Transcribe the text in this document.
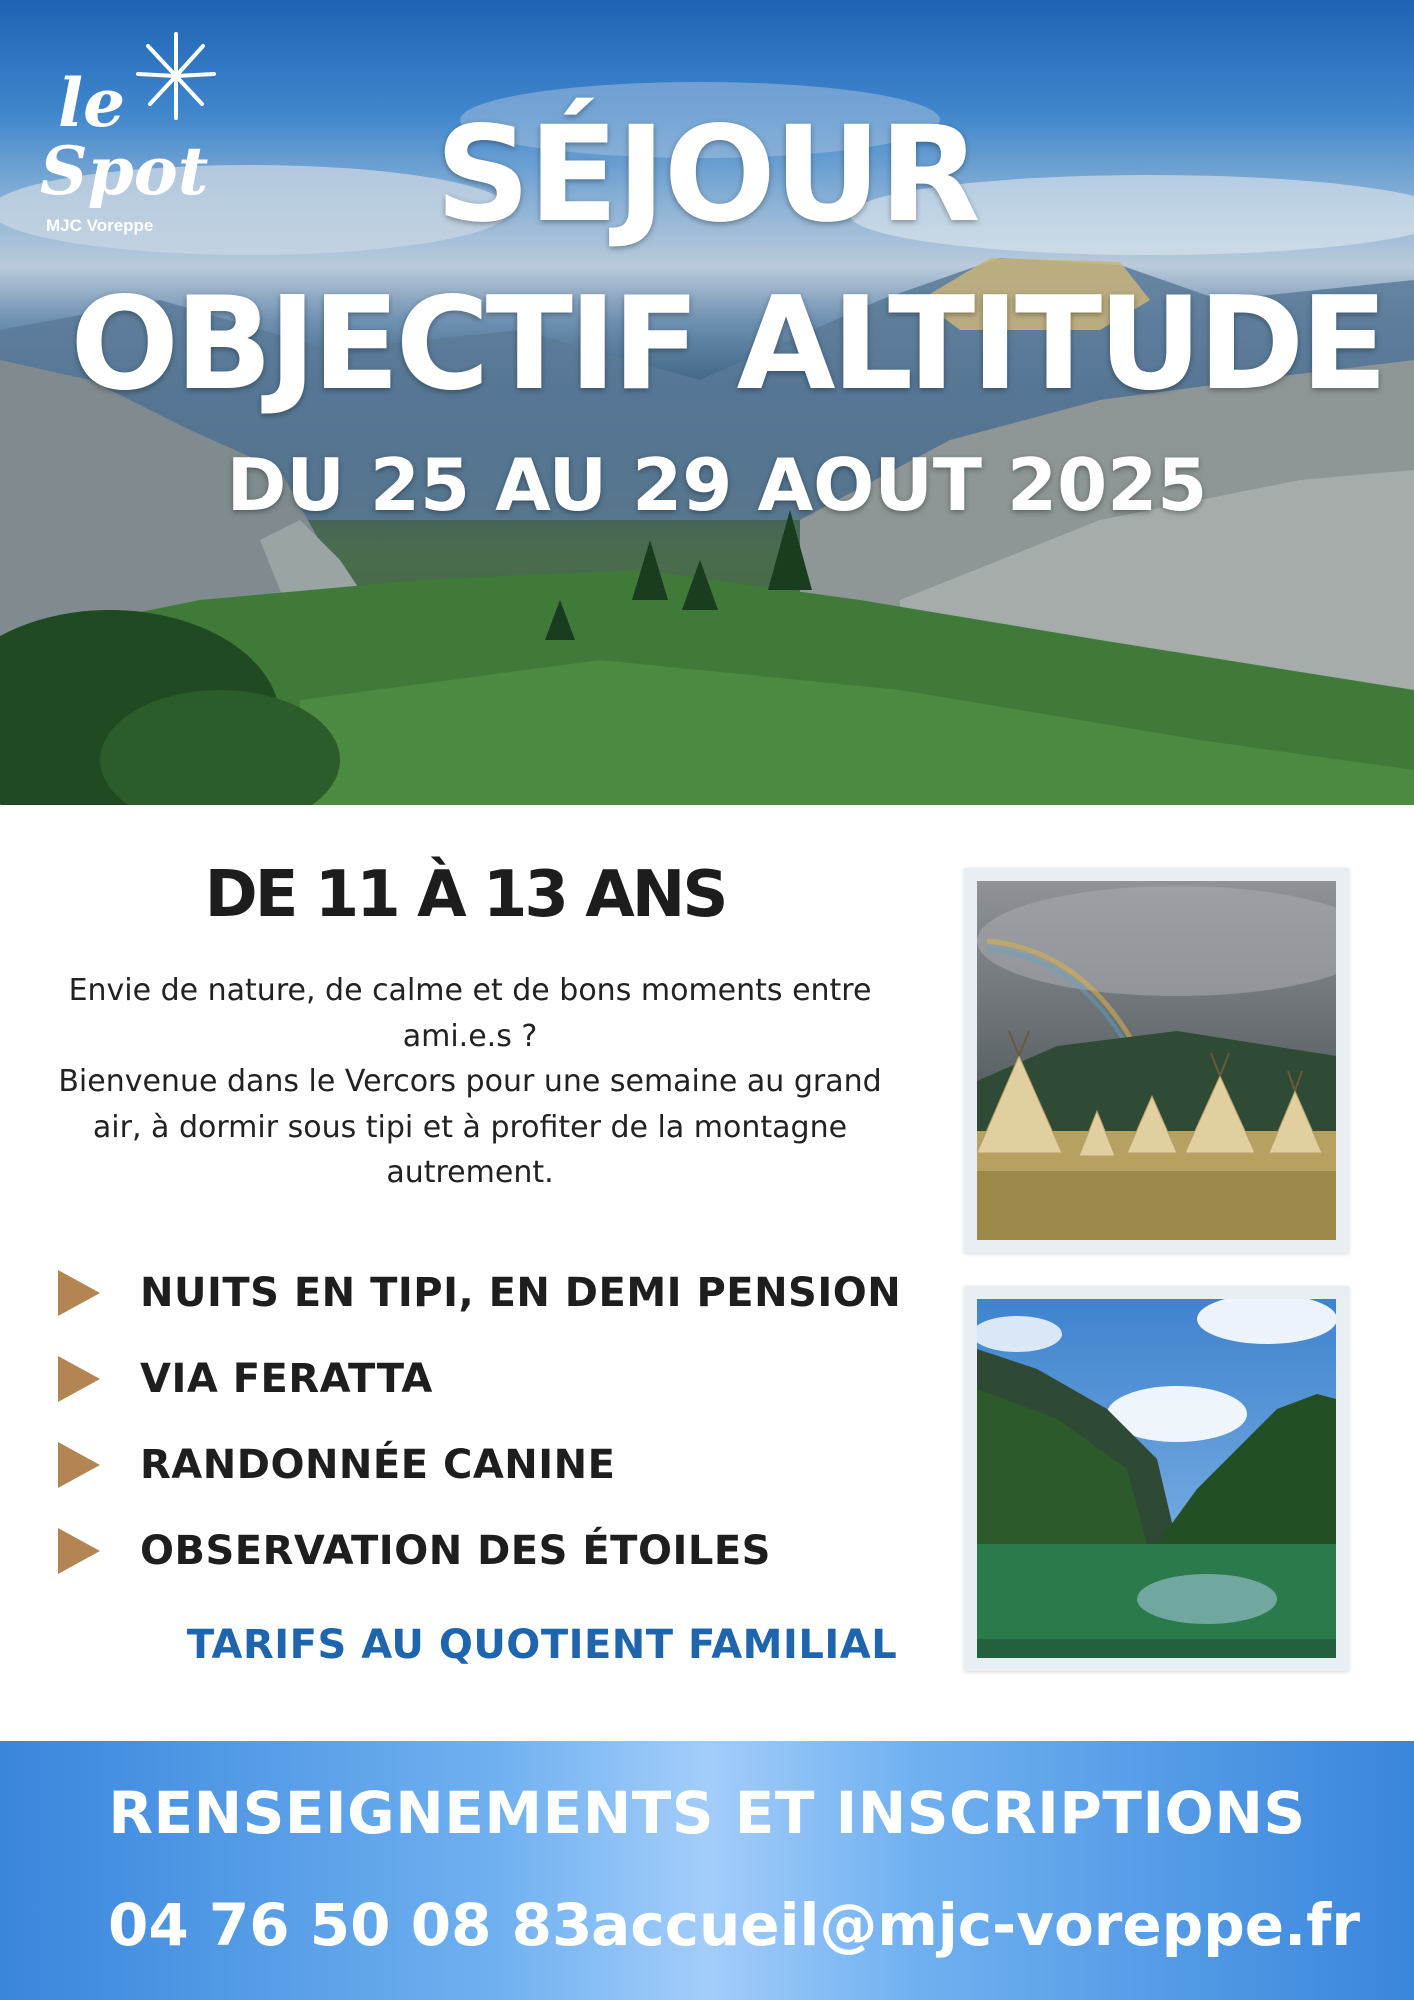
le
Spot
MJC Voreppe	SÉJOUR
OBJECTIF ALTITUDE
DU 25 AU 29 AOUT 2025
DE 11 À 13 ANS

Envie de nature, de calme et de bons moments entre ami.e.s ?

Bienvenue dans le Vercors pour une semaine au grand air, à dormir sous tipi et à profiter de la montagne autrement.

NUITS EN TIPI, EN DEMI PENSION
VIA FERATTA
RANDONNÉE CANINE
OBSERVATION DES ÉTOILES
TARIFS AU QUOTIENT FAMILIAL
RENSEIGNEMENTS ET INSCRIPTIONS
04 76 50 08 83
accueil@mjc-voreppe.fr
